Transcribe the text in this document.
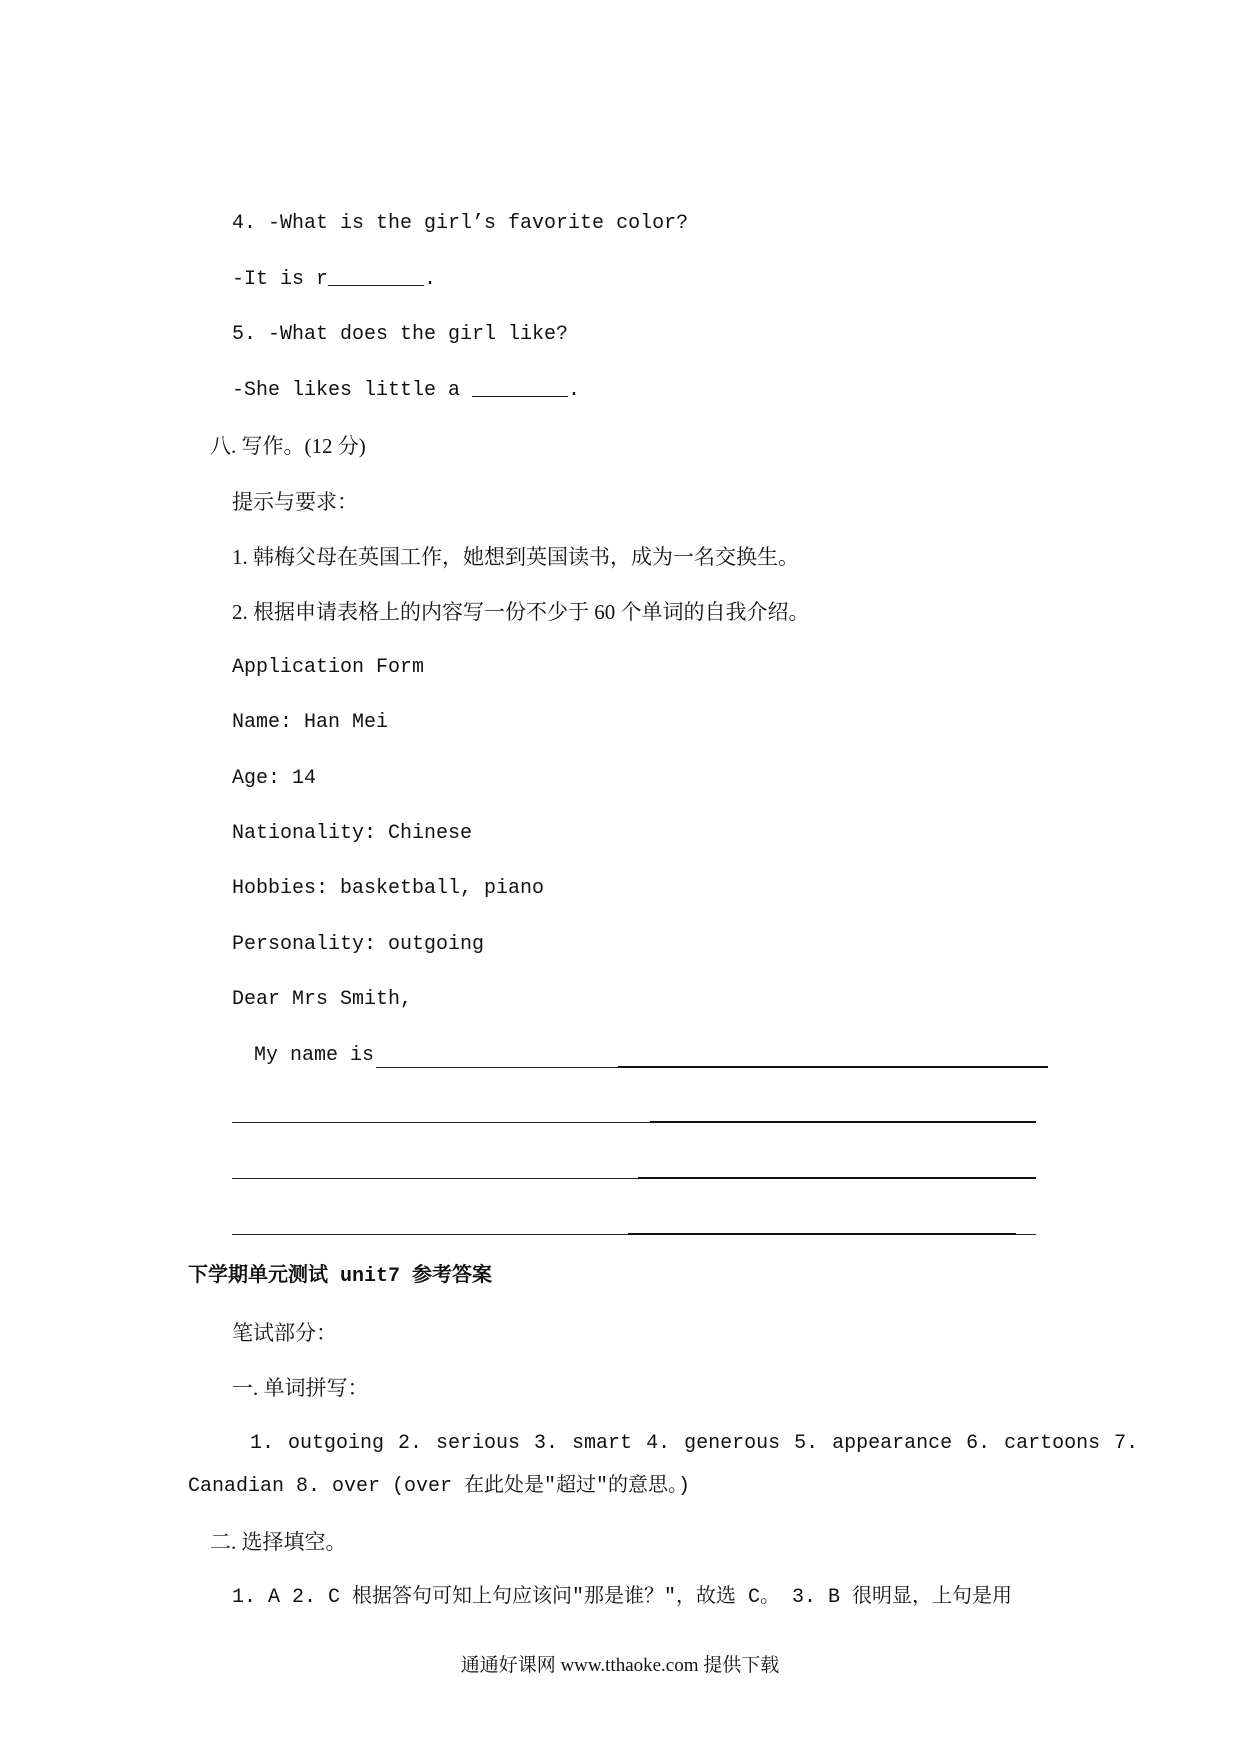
4. -What is the girl’s favorite color?
-It is r________.
5. -What does the girl like?
-She likes little a ________.
八. 写作。(12 分)
提示与要求：
1. 韩梅父母在英国工作，她想到英国读书，成为一名交换生。
2. 根据申请表格上的内容写一份不少于 60 个单词的自我介绍。
Application Form
Name: Han Mei
Age: 14
Nationality: Chinese
Hobbies: basketball, piano
Personality: outgoing
Dear Mrs Smith,
My name is
下学期单元测试 unit7 参考答案
笔试部分：
一. 单词拼写：
1. outgoing 2. serious 3. smart 4. generous 5. appearance 6. cartoons 7.
Canadian 8. over (over 在此处是"超过"的意思。)
二. 选择填空。
1. A 2. C 根据答句可知上句应该问"那是谁？"，故选 C。 3. B 很明显，上句是用
通通好课网 www.tthaoke.com 提供下载
